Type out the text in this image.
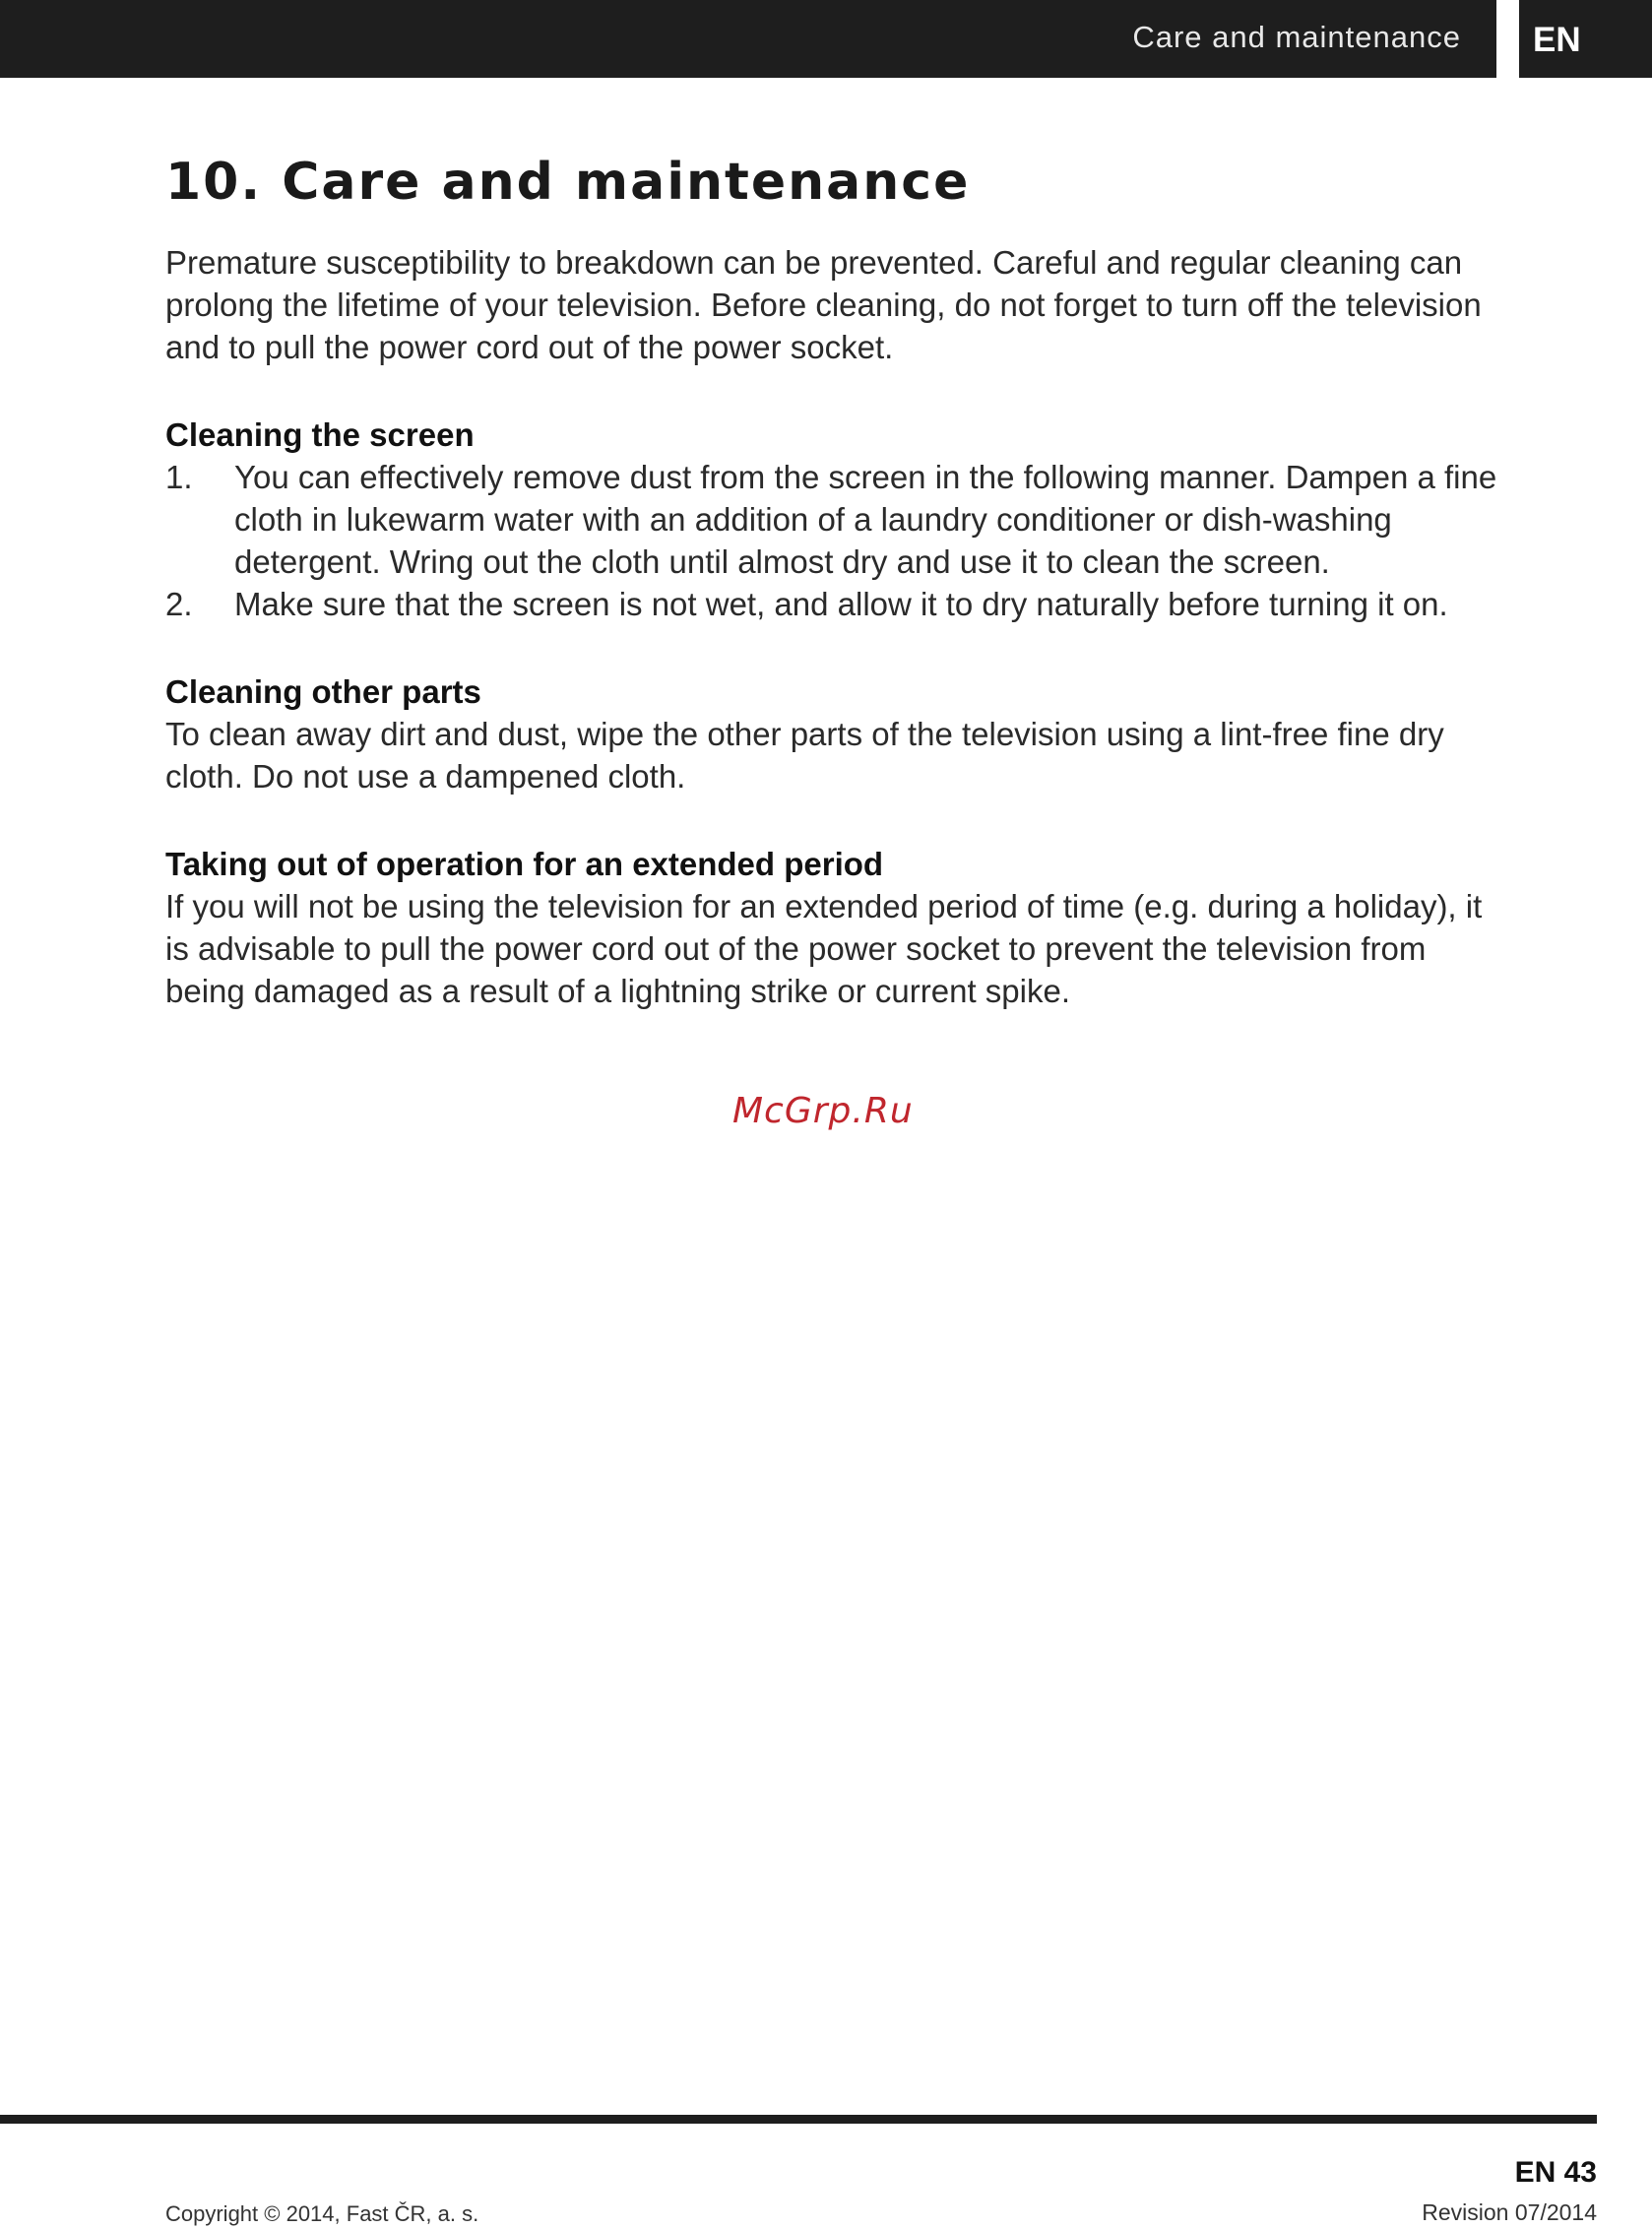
Care and maintenance	EN
10. Care and maintenance

Premature susceptibility to breakdown can be prevented. Careful and regular cleaning can prolong the lifetime of your television. Before cleaning, do not forget to turn off the television and to pull the power cord out of the power socket.

Cleaning the screen

1. You can effectively remove dust from the screen in the following manner. Dampen a fine cloth in lukewarm water with an addition of a laundry conditioner or dish-washing detergent. Wring out the cloth until almost dry and use it to clean the screen.
2. Make sure that the screen is not wet, and allow it to dry naturally before turning it on.

Cleaning other parts

To clean away dirt and dust, wipe the other parts of the television using a lint-free fine dry cloth. Do not use a dampened cloth.

Taking out of operation for an extended period

If you will not be using the television for an extended period of time (e.g. during a holiday), it is advisable to pull the power cord out of the power socket to prevent the television from being damaged as a result of a lightning strike or current spike.

McGrp.Ru
Copyright © 2014, Fast ČR, a. s.
EN 43
Revision 07/2014
